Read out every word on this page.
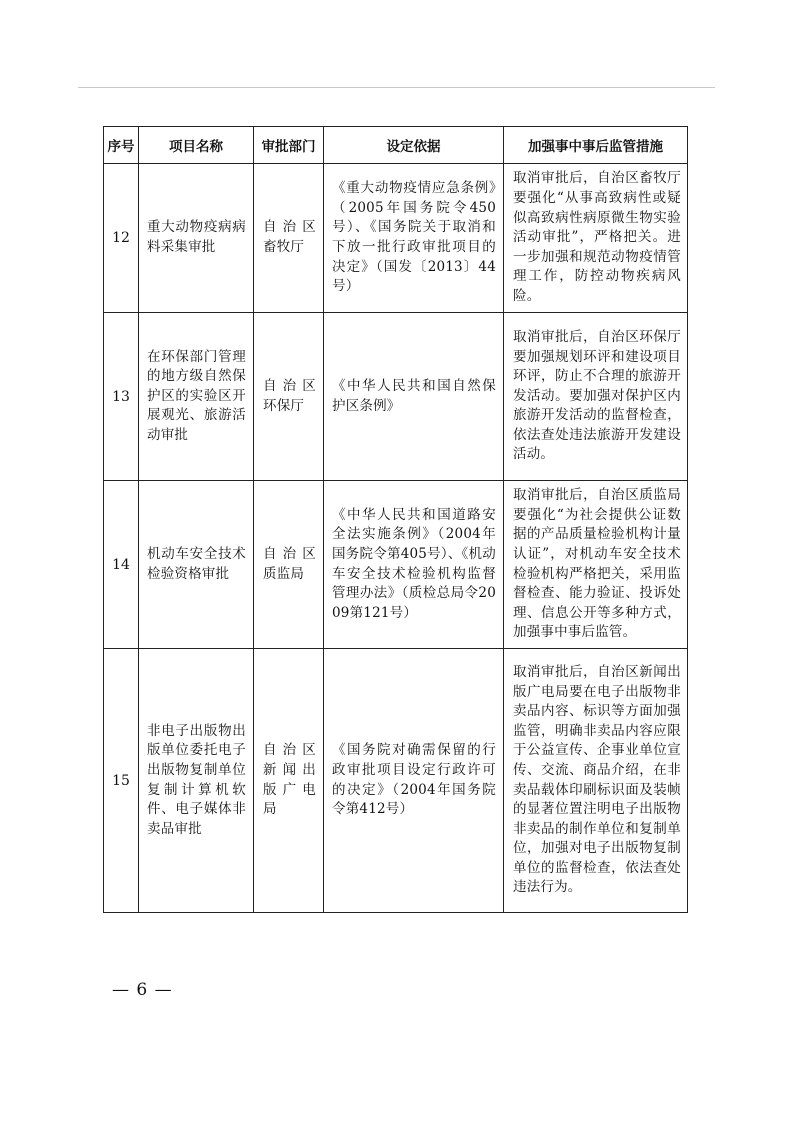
序号	项目名称	审批部门	设定依据	加强事中事后监管措施
12	重大动物疫病病料采集审批	自治区畜牧厅	《重大动物疫情应急条例》（2005年国务院令450号）、《国务院关于取消和下放一批行政审批项目的决定》（国发〔2013〕44号）	取消审批后，自治区畜牧厅要强化“从事高致病性或疑似高致病性病原微生物实验活动审批”，严格把关。进一步加强和规范动物疫情管理工作，防控动物疾病风险。

13	在环保部门管理的地方级自然保护区的实验区开展观光、旅游活动审批	自治区环保厅	《中华人民共和国自然保护区条例》	取消审批后，自治区环保厅要加强规划环评和建设项目环评，防止不合理的旅游开发活动。要加强对保护区内旅游开发活动的监督检查，依法查处违法旅游开发建设活动。

14	机动车安全技术检验资格审批	自治区质监局	《中华人民共和国道路安全法实施条例》（2004年国务院令第405号）、《机动车安全技术检验机构监督管理办法》（质检总局令2009第121号）	取消审批后，自治区质监局要强化“为社会提供公证数据的产品质量检验机构计量认证”，对机动车安全技术检验机构严格把关，采用监督检查、能力验证、投诉处理、信息公开等多种方式，加强事中事后监管。

15	非电子出版物出版单位委托电子出版物复制单位复制计算机软件、电子媒体非卖品审批	自治区新闻出版广电局	《国务院对确需保留的行政审批项目设定行政许可的决定》（2004年国务院令第412号）	取消审批后，自治区新闻出版广电局要在电子出版物非卖品内容、标识等方面加强监管，明确非卖品内容应限于公益宣传、企事业单位宣传、交流、商品介绍，在非卖品载体印刷标识面及装帧的显著位置注明电子出版物非卖品的制作单位和复制单位，加强对电子出版物复制单位的监督检查，依法查处违法行为。
— 6 —
